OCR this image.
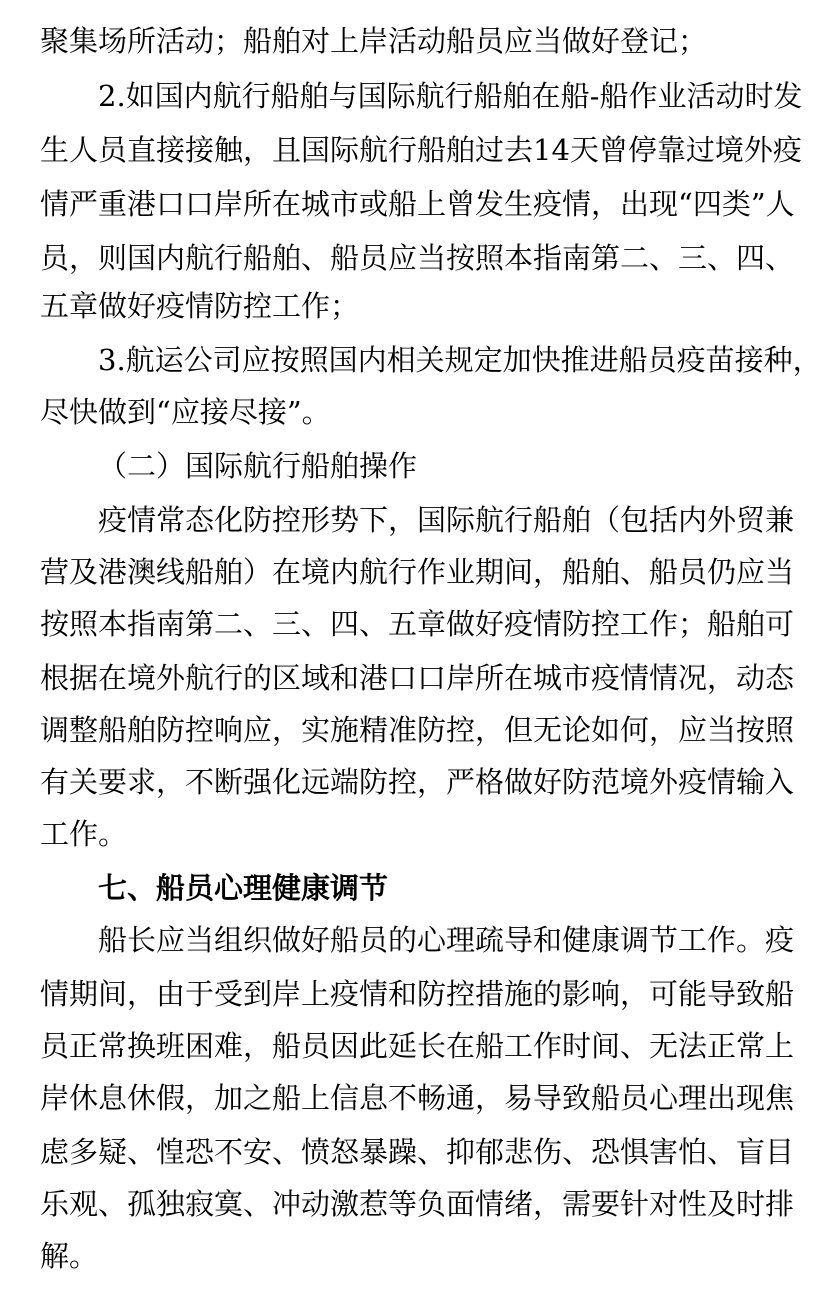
聚集场所活动；船舶对上岸活动船员应当做好登记；
2.如国内航行船舶与国际航行船舶在船-船作业活动时发
生人员直接接触，且国际航行船舶过去14天曾停靠过境外疫
情严重港口口岸所在城市或船上曾发生疫情，出现“四类”人
员，则国内航行船舶、船员应当按照本指南第二、三、四、
五章做好疫情防控工作；
3.航运公司应按照国内相关规定加快推进船员疫苗接种，
尽快做到“应接尽接”。
（二）国际航行船舶操作
疫情常态化防控形势下，国际航行船舶（包括内外贸兼
营及港澳线船舶）在境内航行作业期间，船舶、船员仍应当
按照本指南第二、三、四、五章做好疫情防控工作；船舶可
根据在境外航行的区域和港口口岸所在城市疫情情况，动态
调整船舶防控响应，实施精准防控，但无论如何，应当按照
有关要求，不断强化远端防控，严格做好防范境外疫情输入
工作。
七、船员心理健康调节
船长应当组织做好船员的心理疏导和健康调节工作。疫
情期间，由于受到岸上疫情和防控措施的影响，可能导致船
员正常换班困难，船员因此延长在船工作时间、无法正常上
岸休息休假，加之船上信息不畅通，易导致船员心理出现焦
虑多疑、惶恐不安、愤怒暴躁、抑郁悲伤、恐惧害怕、盲目
乐观、孤独寂寞、冲动激惹等负面情绪，需要针对性及时排
解。
